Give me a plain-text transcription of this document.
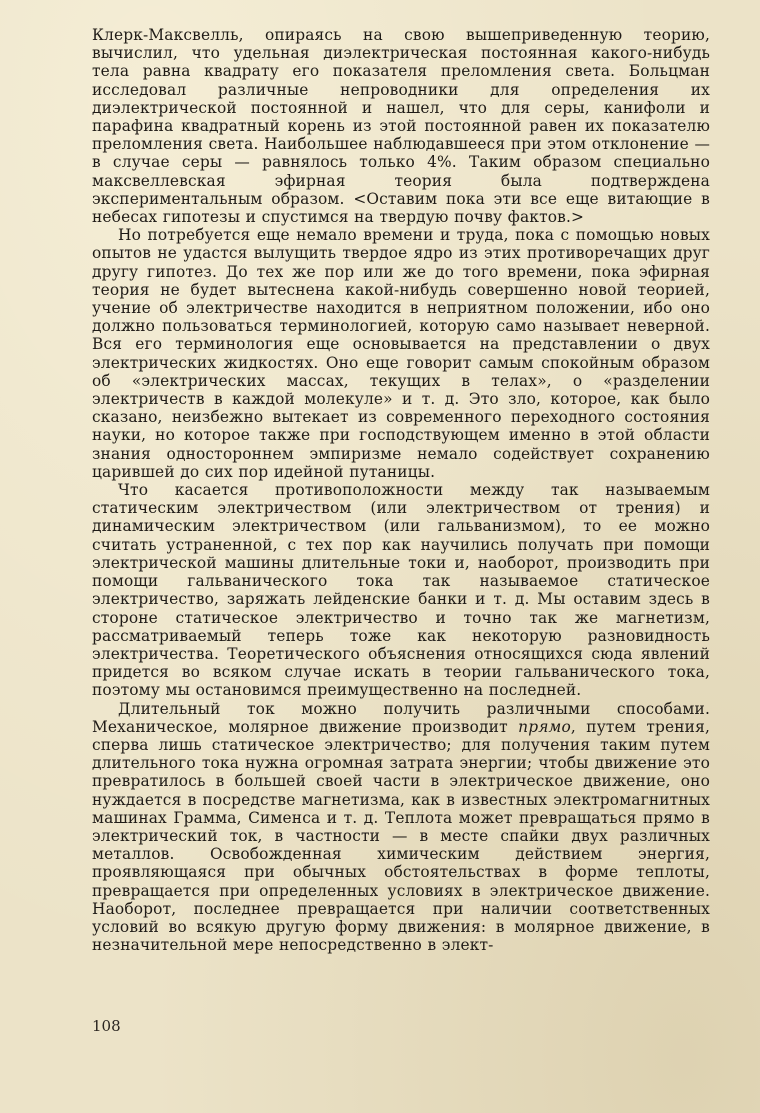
Клерк-Максвелль, опираясь на свою вышеприведенную теорию, вычислил, что удельная диэлектрическая постоянная какого-нибудь тела равна квадрату его показателя преломления света. Больцман исследовал различные непроводники для определения их диэлектрической постоянной и нашел, что для серы, канифоли и парафина квадратный корень из этой постоянной равен их показателю преломления света. Наибольшее наблюдавшееся при этом отклонение — в случае серы — равнялось только 4%. Таким образом специально максвеллевская эфирная теория была подтверждена экспериментальным образом. <Оставим пока эти все еще витающие в небесах гипотезы и спустимся на твердую почву фактов.>

Но потребуется еще немало времени и труда, пока с помощью новых опытов не удастся вылущить твердое ядро из этих противоречащих друг другу гипотез. До тех же пор или же до того времени, пока эфирная теория не будет вытеснена какой-нибудь совершенно новой теорией, учение об электричестве находится в неприятном положении, ибо оно должно пользоваться терминологией, которую само называет неверной. Вся его терминология еще основывается на представлении о двух электрических жидкостях. Оно еще говорит самым спокойным образом об «электрических массах, текущих в телах», о «разделении электричеств в каждой молекуле» и т. д. Это зло, которое, как было сказано, неизбежно вытекает из современного переходного состояния науки, но которое также при господствующем именно в этой области знания одностороннем эмпиризме немало содействует сохранению царившей до сих пор идейной путаницы.

Что касается противоположности между так называемым статическим электричеством (или электричеством от трения) и динамическим электричеством (или гальванизмом), то ее можно считать устраненной, с тех пор как научились получать при помощи электрической машины длительные токи и, наоборот, производить при помощи гальванического тока так называемое статическое электричество, заряжать лейденские банки и т. д. Мы оставим здесь в стороне статическое электричество и точно так же магнетизм, рассматриваемый теперь тоже как некоторую разновидность электричества. Теоретического объяснения относящихся сюда явлений придется во всяком случае искать в теории гальванического тока, поэтому мы остановимся преимущественно на последней.

Длительный ток можно получить различными способами. Механическое, молярное движение производит прямо, путем трения, сперва лишь статическое электричество; для получения таким путем длительного тока нужна огромная затрата энергии; чтобы движение это превратилось в большей своей части в электрическое движение, оно нуждается в посредстве магнетизма, как в известных электромагнитных машинах Грамма, Сименса и т. д. Теплота может превращаться прямо в электрический ток, в частности — в месте спайки двух различных металлов. Освобожденная химическим действием энергия, проявляющаяся при обычных обстоятельствах в форме теплоты, превращается при определенных условиях в электрическое движение. Наоборот, последнее превращается при наличии соответственных условий во всякую другую форму движения: в молярное движение, в незначительной мере непосредственно в элект-

108
